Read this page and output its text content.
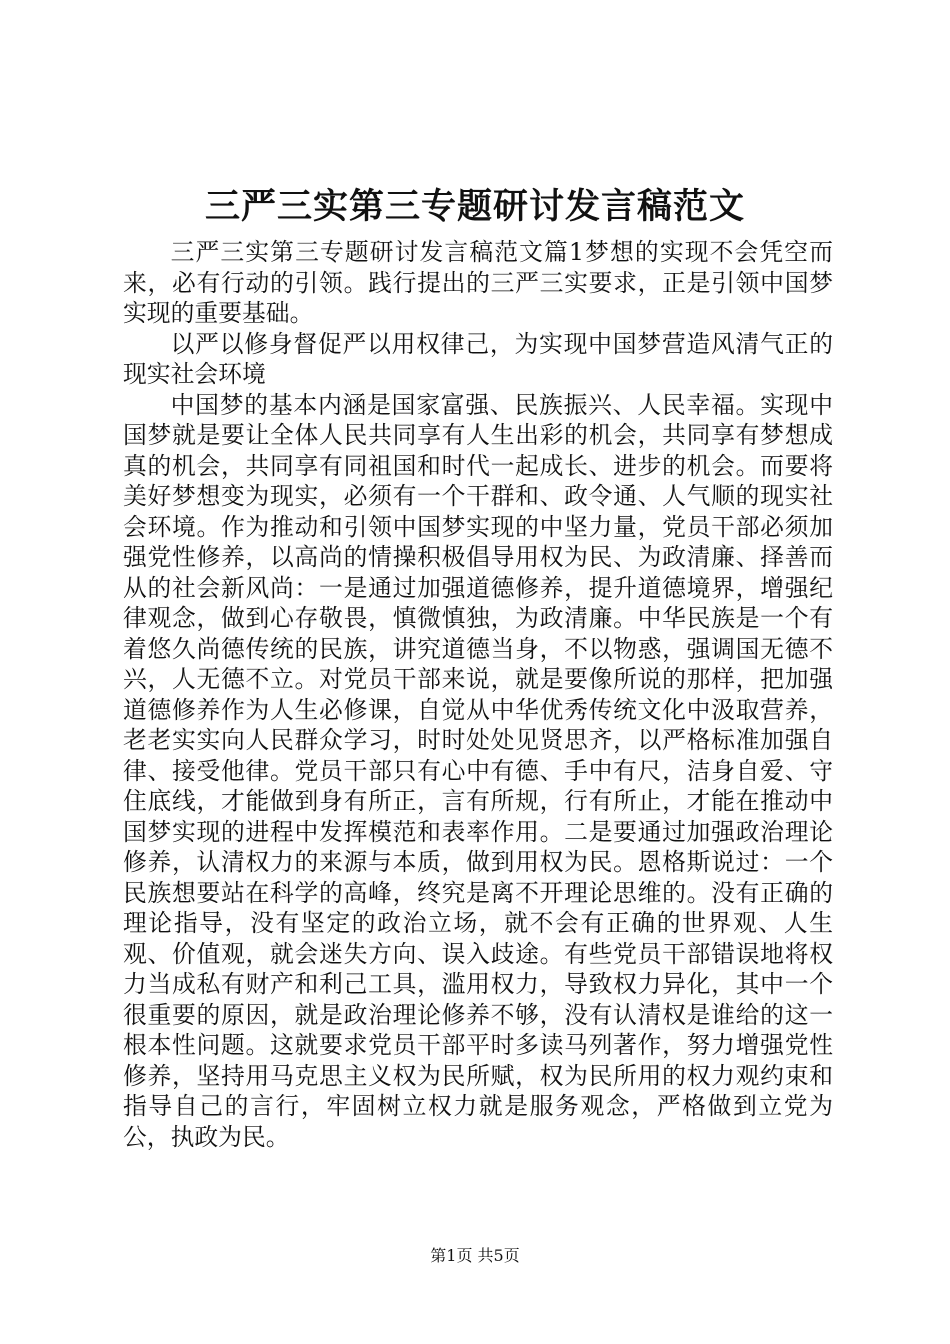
三严三实第三专题研讨发言稿范文

三严三实第三专题研讨发言稿范文篇1梦想的实现不会凭空而来，必有行动的引领。践行提出的三严三实要求，正是引领中国梦实现的重要基础。

以严以修身督促严以用权律己，为实现中国梦营造风清气正的现实社会环境

中国梦的基本内涵是国家富强、民族振兴、人民幸福。实现中国梦就是要让全体人民共同享有人生出彩的机会，共同享有梦想成真的机会，共同享有同祖国和时代一起成长、进步的机会。而要将美好梦想变为现实，必须有一个干群和、政令通、人气顺的现实社会环境。作为推动和引领中国梦实现的中坚力量，党员干部必须加强党性修养，以高尚的情操积极倡导用权为民、为政清廉、择善而从的社会新风尚：一是通过加强道德修养，提升道德境界，增强纪律观念，做到心存敬畏，慎微慎独，为政清廉。中华民族是一个有着悠久尚德传统的民族，讲究道德当身，不以物惑，强调国无德不兴，人无德不立。对党员干部来说，就是要像所说的那样，把加强道德修养作为人生必修课，自觉从中华优秀传统文化中汲取营养，老老实实向人民群众学习，时时处处见贤思齐，以严格标准加强自律、接受他律。党员干部只有心中有德、手中有尺，洁身自爱、守住底线，才能做到身有所正，言有所规，行有所止，才能在推动中国梦实现的进程中发挥模范和表率作用。二是要通过加强政治理论修养，认清权力的来源与本质，做到用权为民。恩格斯说过：一个民族想要站在科学的高峰，终究是离不开理论思维的。没有正确的理论指导，没有坚定的政治立场，就不会有正确的世界观、人生观、价值观，就会迷失方向、误入歧途。有些党员干部错误地将权力当成私有财产和利己工具，滥用权力，导致权力异化，其中一个很重要的原因，就是政治理论修养不够，没有认清权是谁给的这一根本性问题。这就要求党员干部平时多读马列著作，努力增强党性修养，坚持用马克思主义权为民所赋，权为民所用的权力观约束和指导自己的言行，牢固树立权力就是服务观念，严格做到立党为公，执政为民。

第1页 共5页
